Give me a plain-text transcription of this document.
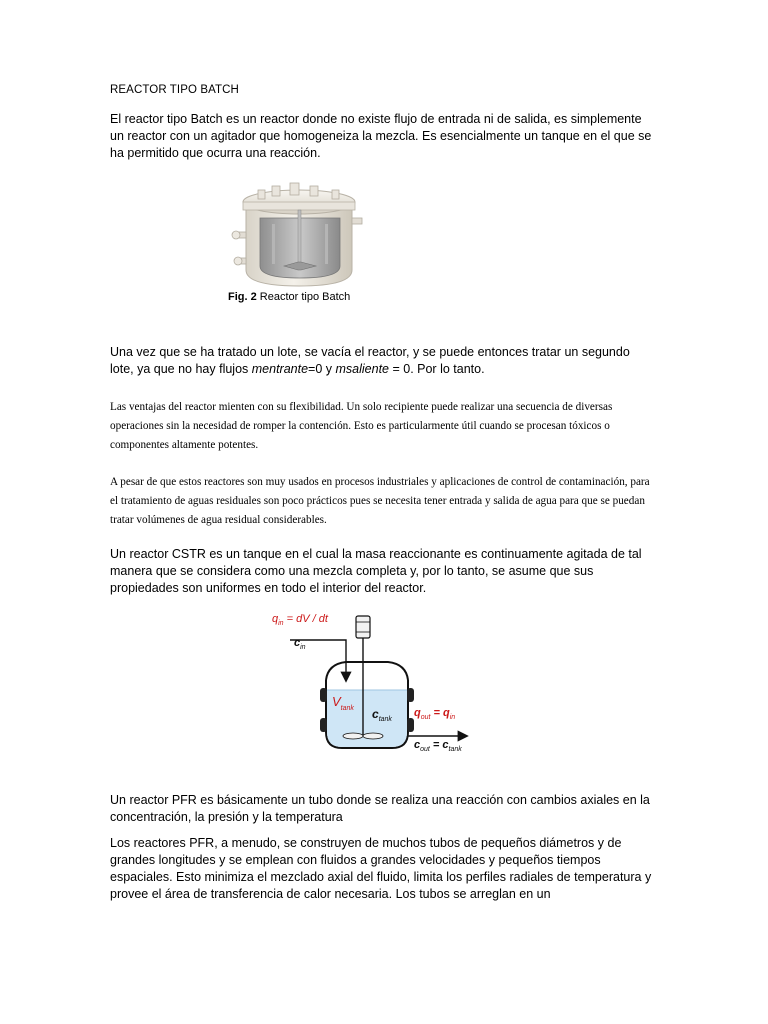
REACTOR TIPO BATCH

El reactor tipo Batch es un reactor donde no existe flujo de entrada ni de salida, es simplemente un reactor con un agitador que homogeneiza la mezcla. Es esencialmente un tanque en el que se ha permitido que ocurra una reacción.

Fig. 2 Reactor tipo Batch

Una vez que se ha tratado un lote, se vacía el reactor, y se puede entonces tratar un segundo lote, ya que no hay flujos mentrante=0 y msaliente = 0. Por lo tanto.

Las ventajas del reactor mienten con su flexibilidad. Un solo recipiente puede realizar una secuencia de diversas operaciones sin la necesidad de romper la contención. Esto es particularmente útil cuando se procesan tóxicos o componentes altamente potentes.

A pesar de que estos reactores son muy usados en procesos industriales y aplicaciones de control de contaminación, para el tratamiento de aguas residuales son poco prácticos pues se necesita tener entrada y salida de agua para que se puedan tratar volúmenes de agua residual considerables.

Un reactor CSTR es un tanque en el cual la masa reaccionante es continuamente agitada de tal manera que se considera como una mezcla completa y, por lo tanto, se asume que sus propiedades son uniformes en todo el interior del reactor.

$q_{in}$ = dV / dt
$c_{in}$
$V_{tank}$ $c_{tank}$
$q_{out} = q_{in}$
$c_{out} = c_{tank}$

Un reactor PFR es básicamente un tubo donde se realiza una reacción con cambios axiales en la concentración, la presión y la temperatura

Los reactores PFR, a menudo, se construyen de muchos tubos de pequeños diámetros y de grandes longitudes y se emplean con fluidos a grandes velocidades y pequeños tiempos espaciales. Esto minimiza el mezclado axial del fluido, limita los perfiles radiales de temperatura y provee el área de transferencia de calor necesaria. Los tubos se arreglan en un
